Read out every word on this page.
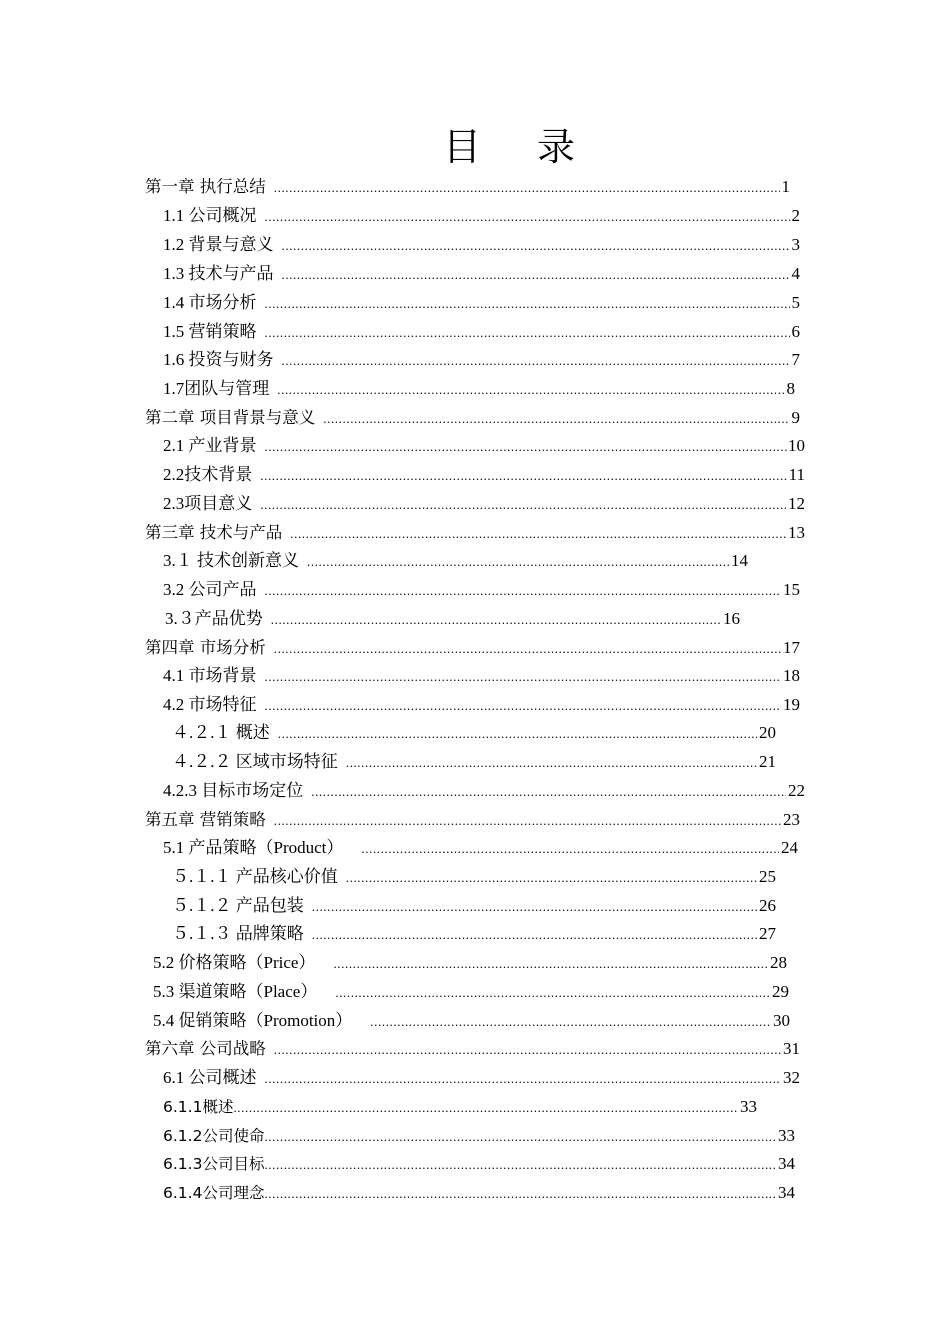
目 录
第一章 执行总结 .....	1
1.1 公司概况 .....	2
1.2 背景与意义 .....	3
1.3 技术与产品 .....	4
1.4 市场分析 .....	5
1.5 营销策略 .....	6
1.6 投资与财务 .....	7
1.7团队与管理 .....	8
第二章 项目背景与意义 .....	9
2.1 产业背景 .....	10
2.2技术背景 .....	11
2.3项目意义 .....	12
第三章 技术与产品 .....	13
3.１ 技术创新意义 .....	14
3.2 公司产品 .....	15
3.３产品优势 .....	16
第四章 市场分析 .....	17
4.1 市场背景 .....	18
4.2 市场特征 .....	19
４.２.１ 概述 .....	20
４.２.２ 区域市场特征 .....	21
4.2.3 目标市场定位 .....	22
第五章 营销策略 .....	23
5.1 产品策略（Product） .....	24
５.１.１ 产品核心价值 .....	25
５.１.２ 产品包装 .....	26
５.１.３ 品牌策略 .....	27
5.2 价格策略（Price） .....	28
5.3 渠道策略（Place） .....	29
5.4 促销策略（Promotion） .....	30
第六章 公司战略 .....	31
6.1 公司概述 .....	32
6.1.1概述 .....	33
6.1.2公司使命 .....	33
6.1.3公司目标 .....	34
6.1.4公司理念 .....	34
